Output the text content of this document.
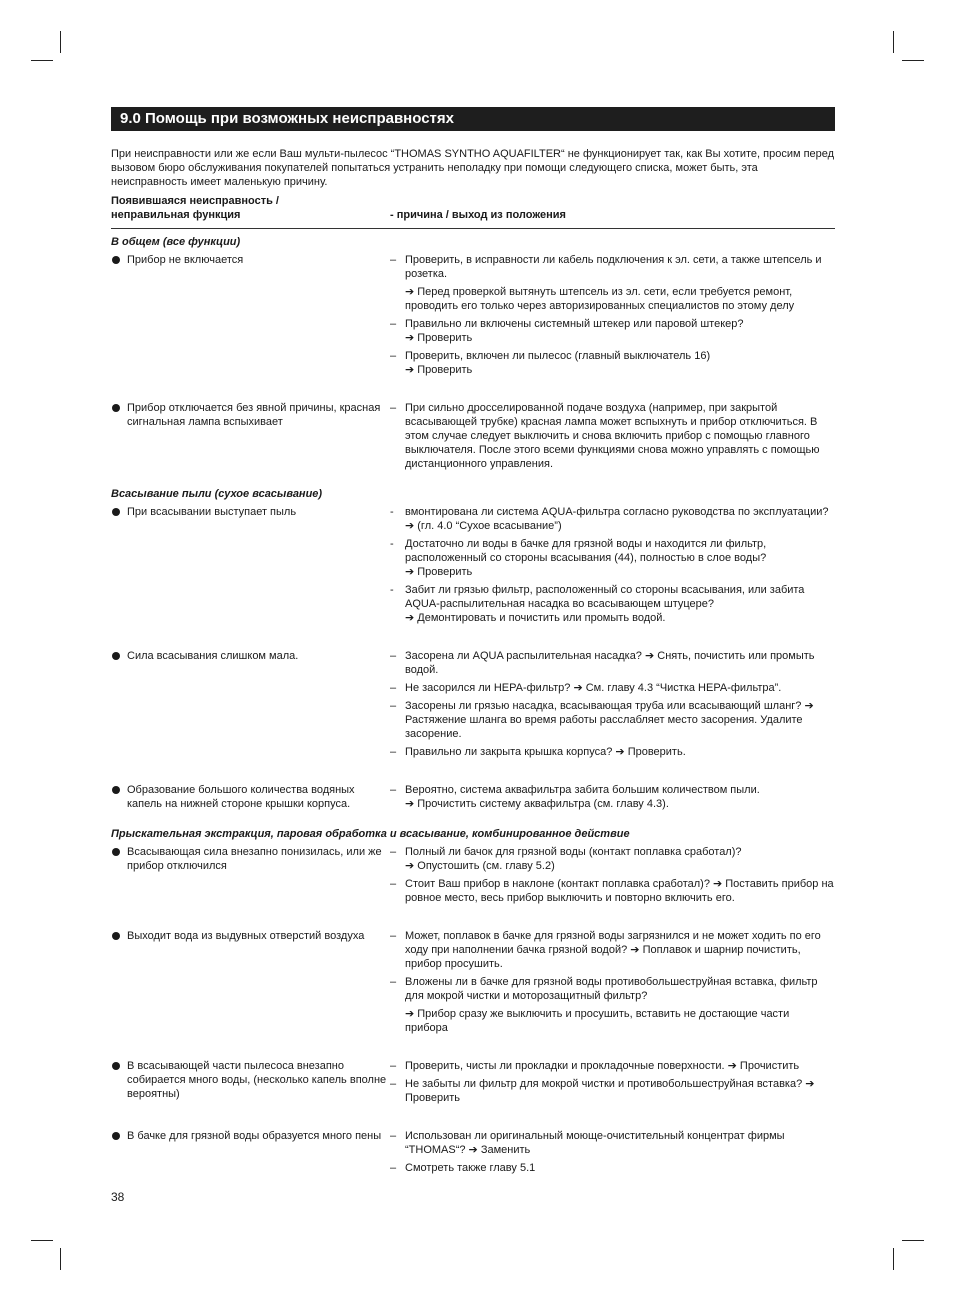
9.0 Помощь при возможных неисправностях
При неисправности или же если Ваш мульти-пылесос “THOMAS SYNTHO AQUAFILTER“ не функционирует так, как Вы хотите, просим перед вызовом бюро обслуживания покупателей попытаться устранить неполадку при помощи следующего списка, может быть, эта неисправность имеет маленькую причину.
Появившаяся неисправность /
неправильная функция	- причина / выход из положения
В общем (все функции)
Прибор не включается	– Проверить, в исправности ли кабель подключения к эл. сети, а также штепсель и розетка.

➔ Перед проверкой вытянуть штепсель из эл. сети, если требуется ремонт, проводить его только через авторизированных специалистов по этому делу

– Правильно ли включены системный штекер или паровой штекер?

➔ Проверить

– Проверить, включен ли пылесос (главный выключатель 16)

➔ Проверить

Прибор отключается без явной причины, красная сигнальная лампа вспыхивает
– При сильно дросселированной подаче воздуха (например, при закрытой всасывающей трубке) красная лампа может вспыхнуть и прибор отключиться. В этом случае следует выключить и снова включить прибор с помощью главного выключателя. После этого всеми функциями снова можно управлять с помощью дистанционного управления.

Всасывание пыли (сухое всасывание)
При всасывании выступает пыль	- вмонтирована ли система AQUA-фильтра согласно руководства по эксплуатации? ➔ (гл. 4.0 “Сухое всасывание”)

- Достаточно ли воды в бачке для грязной воды и находится ли фильтр, расположенный со стороны всасывания (44), полностью в слое воды?

➔ Проверить

- Забит ли грязью фильтр, расположенный со стороны всасывания, или забита AQUA-распылительная насадка во всасывающем штуцере?

➔ Демонтировать и почистить или промыть водой.

Сила всасывания слишком мала.	– Засорена ли AQUA распылительная насадка? ➔ Снять, почистить или промыть водой.

– Не засорился ли HEPA-фильтр? ➔ См. главу 4.3 “Чистка HEPA-фильтра”.

– Засорены ли грязью насадка, всасывающая труба или всасывающий шланг? ➔ Растяжение шланга во время работы расслабляет место засорения. Удалите засорение.

– Правильно ли закрыта крышка корпуса? ➔ Проверить.

Образование большого количества водяных капель на нижней стороне крышки корпуса.
– Вероятно, система аквафильтра забита большим количеством пыли.

➔ Прочистить систему аквафильтра (см. главу 4.3).

Прыскательная экстракция, паровая обработка и всасывание, комбинированное действие
Всасывающая сила внезапно понизилась, или же прибор отключился
– Полный ли бачок для грязной воды (контакт поплавка сработал)?

➔ Опустошить (см. главу 5.2)

– Стоит Ваш прибор в наклоне (контакт поплавка сработал)? ➔ Поставить прибор на ровное место, весь прибор выключить и повторно включить его.

Выходит вода из выдувных отверстий воздуха	– Может, поплавок в бачке для грязной воды загрязнился и не может ходить по его ходу при наполнении бачка грязной водой? ➔ Поплавок и шарнир почистить, прибор просушить.

– Вложены ли в бачке для грязной воды противобольшеструйная вставка, фильтр для мокрой чистки и моторозащитный фильтр?

➔ Прибор сразу же выключить и просушить, вставить не достающие части прибора

В всасывающей части пылесоса внезапно собирается много воды, (несколько капель вполне вероятны)
– Проверить, чисты ли прокладки и прокладочные поверхности. ➔ Прочистить

– Не забыты ли фильтр для мокрой чистки и противобольшеструйная вставка? ➔ Проверить

В бачке для грязной воды образуется много пены – Использован ли оригинальный моюще-очистительный концентрат фирмы “THOMAS“? ➔ Заменить

– Смотреть также главу 5.1

38
